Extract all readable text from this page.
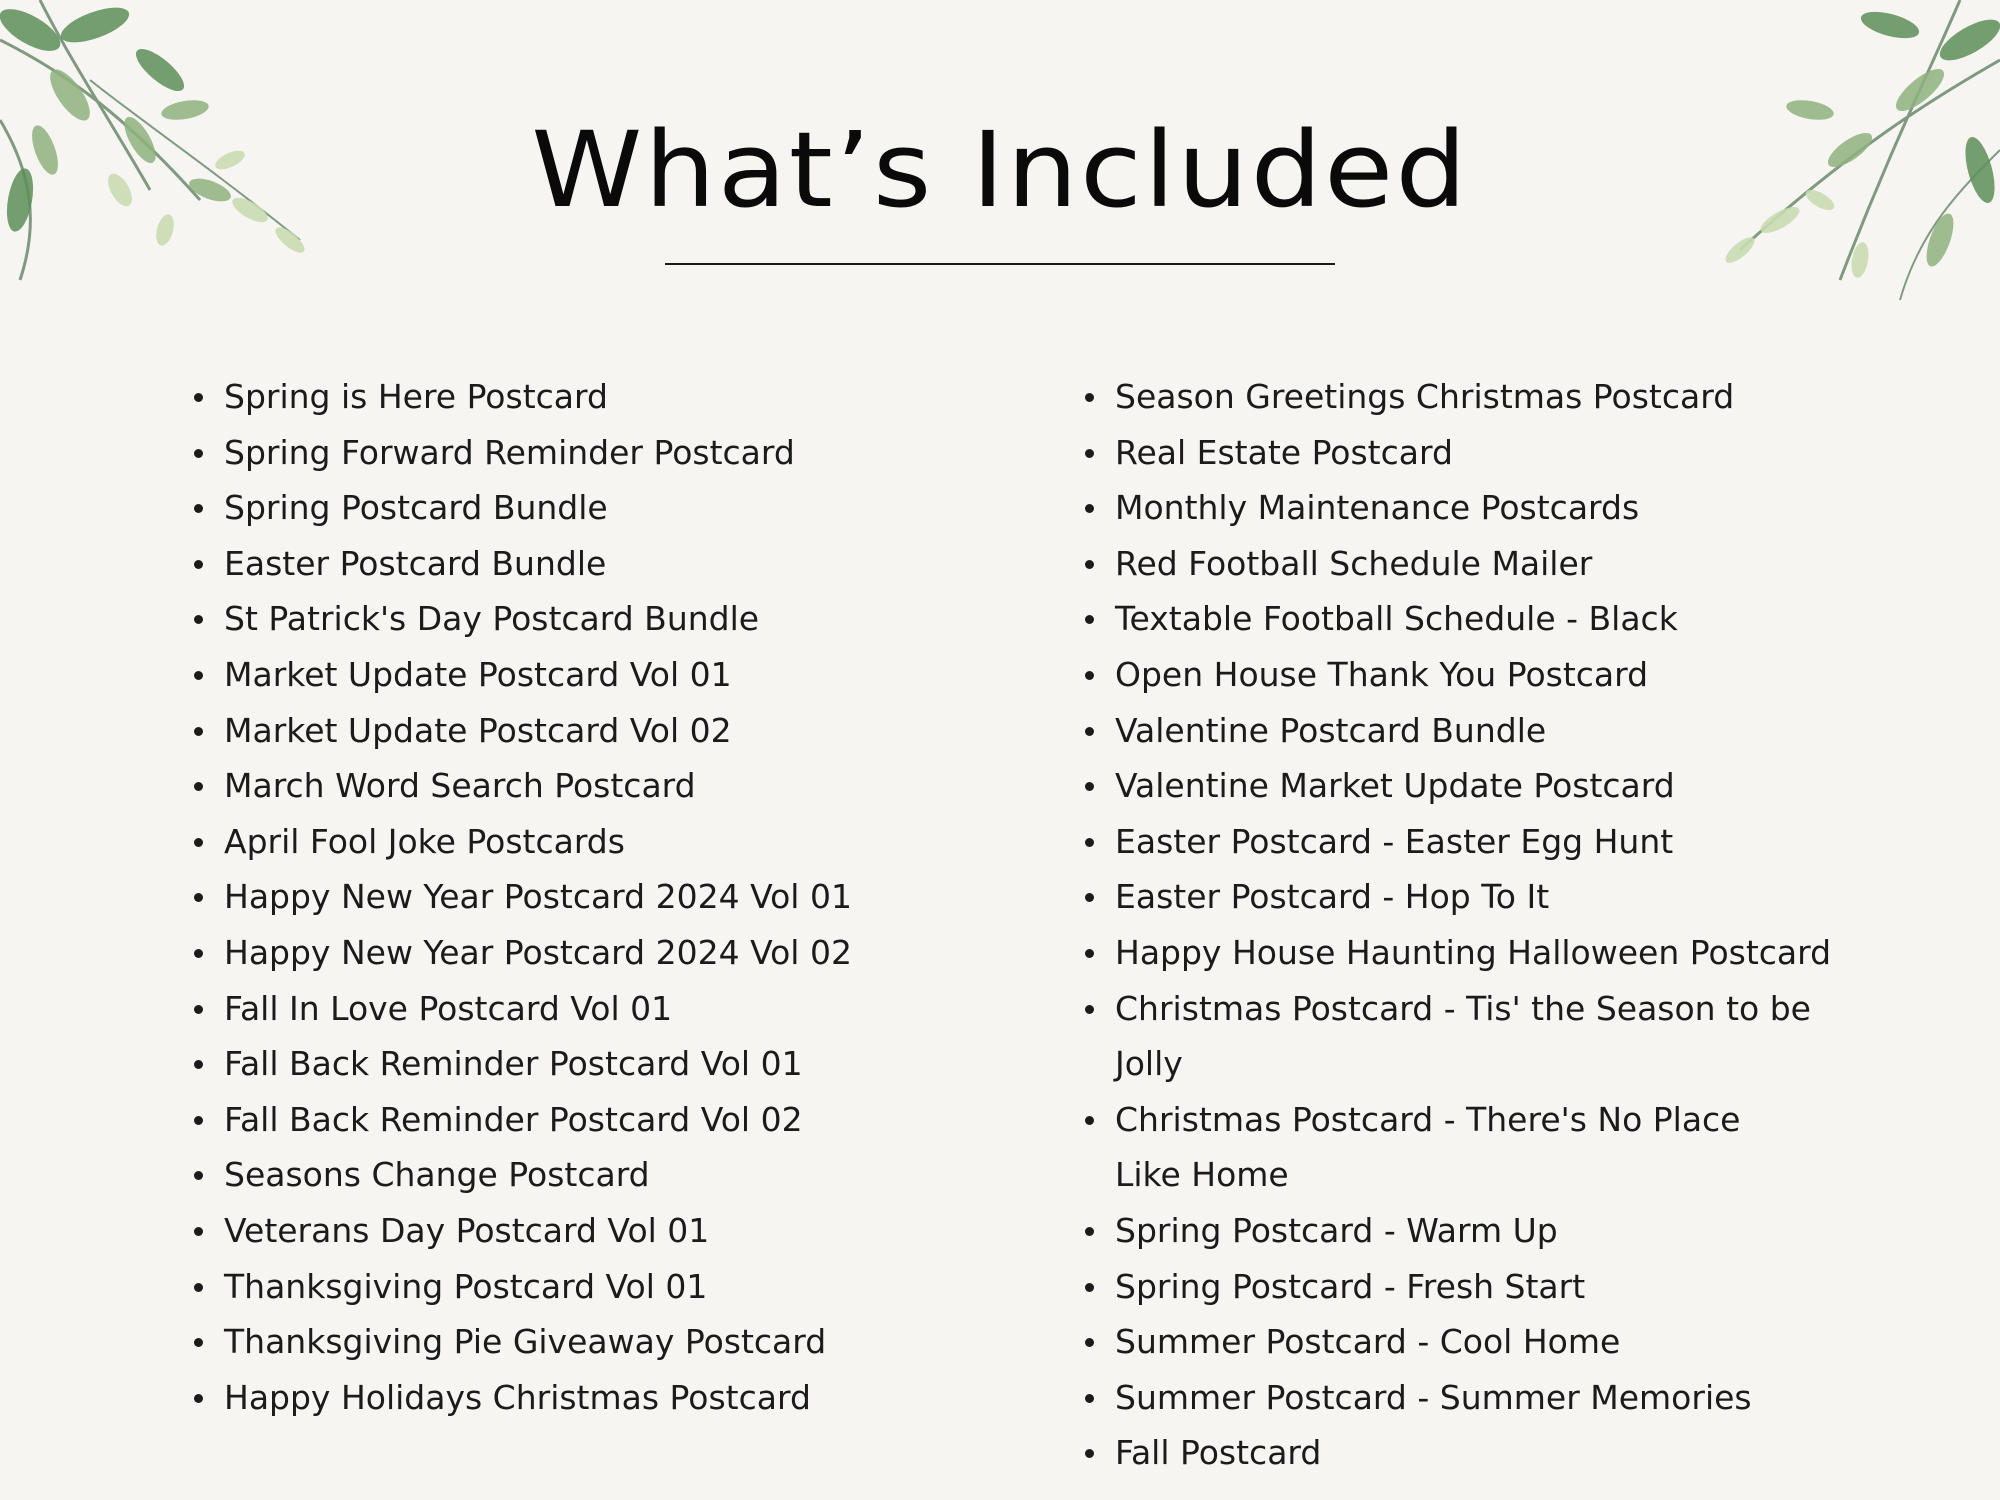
What’s Included
Spring is Here Postcard
Spring Forward Reminder Postcard
Spring Postcard Bundle
Easter Postcard Bundle
St Patrick's Day Postcard Bundle
Market Update Postcard Vol 01
Market Update Postcard Vol 02
March Word Search Postcard
April Fool Joke Postcards
Happy New Year Postcard 2024 Vol 01
Happy New Year Postcard 2024 Vol 02
Fall In Love Postcard Vol 01
Fall Back Reminder Postcard Vol 01
Fall Back Reminder Postcard Vol 02
Seasons Change Postcard
Veterans Day Postcard Vol 01
Thanksgiving Postcard Vol 01
Thanksgiving Pie Giveaway Postcard
Happy Holidays Christmas Postcard
Season Greetings Christmas Postcard
Real Estate Postcard
Monthly Maintenance Postcards
Red Football Schedule Mailer
Textable Football Schedule - Black
Open House Thank You Postcard
Valentine Postcard Bundle
Valentine Market Update Postcard
Easter Postcard - Easter Egg Hunt
Easter Postcard - Hop To It
Happy House Haunting Halloween Postcard
Christmas Postcard - Tis' the Season to be Jolly
Christmas Postcard - There's No Place Like Home
Spring Postcard - Warm Up
Spring Postcard - Fresh Start
Summer Postcard - Cool Home
Summer Postcard - Summer Memories
Fall Postcard
